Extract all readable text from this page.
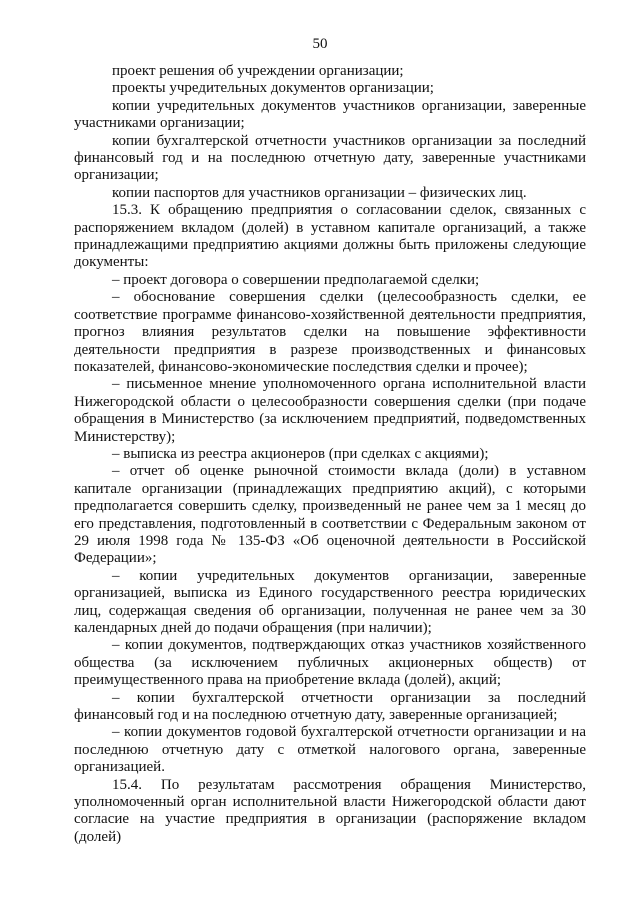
50

проект решения об учреждении организации;

проекты учредительных документов организации;

копии учредительных документов участников организации, заверенные участниками организации;

копии бухгалтерской отчетности участников организации за последний финансовый год и на последнюю отчетную дату, заверенные участниками организации;

копии паспортов для участников организации – физических лиц.

15.3. К обращению предприятия о согласовании сделок, связанных с распоряжением вкладом (долей) в уставном капитале организаций, а также принадлежащими предприятию акциями должны быть приложены следующие документы:

– проект договора о совершении предполагаемой сделки;

– обоснование совершения сделки (целесообразность сделки, ее соответствие программе финансово-хозяйственной деятельности предприятия, прогноз влияния результатов сделки на повышение эффективности деятельности предприятия в разрезе производственных и финансовых показателей, финансово-экономические последствия сделки и прочее);

– письменное мнение уполномоченного органа исполнительной власти Нижегородской области о целесообразности совершения сделки (при подаче обращения в Министерство (за исключением предприятий, подведомственных Министерству);

– выписка из реестра акционеров (при сделках с акциями);

– отчет об оценке рыночной стоимости вклада (доли) в уставном капитале организации (принадлежащих предприятию акций), с которыми предполагается совершить сделку, произведенный не ранее чем за 1 месяц до его представления, подготовленный в соответствии с Федеральным законом от 29 июля 1998 года № 135-ФЗ «Об оценочной деятельности в Российской Федерации»;

– копии учредительных документов организации, заверенные организацией, выписка из Единого государственного реестра юридических лиц, содержащая сведения об организации, полученная не ранее чем за 30 календарных дней до подачи обращения (при наличии);

– копии документов, подтверждающих отказ участников хозяйственного общества (за исключением публичных акционерных обществ) от преимущественного права на приобретение вклада (долей), акций;

– копии бухгалтерской отчетности организации за последний финансовый год и на последнюю отчетную дату, заверенные организацией;

– копии документов годовой бухгалтерской отчетности организации и на последнюю отчетную дату с отметкой налогового органа, заверенные организацией.

15.4. По результатам рассмотрения обращения Министерство, уполномоченный орган исполнительной власти Нижегородской области дают согласие на участие предприятия в организации (распоряжение вкладом (долей)
